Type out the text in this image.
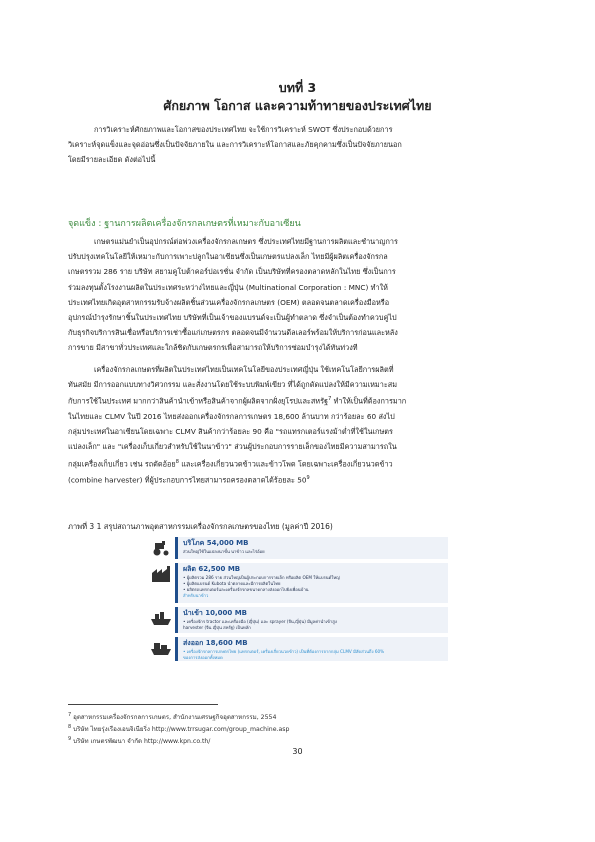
บทที่ 3
ศักยภาพ โอกาส และความท้าทายของประเทศไทย
การวิเคราะห์ศักยภาพและโอกาสของประเทศไทย จะใช้การวิเคราะห์ SWOT ซึ่งประกอบด้วยการ
วิเคราะห์จุดแข็งและจุดอ่อนซึ่งเป็นปัจจัยภายใน และการวิเคราะห์โอกาสและภัยคุกคามซึ่งเป็นปัจจัยภายนอก
โดยมีรายละเอียด ดังต่อไปนี้
จุดแข็ง : ฐานการผลิตเครื่องจักรกลเกษตรที่เหมาะกับอาเซียน
เกษตรแม่นยำเป็นอุปกรณ์ต่อพ่วงเครื่องจักรกลเกษตร ซึ่งประเทศไทยมีฐานการผลิตและชำนาญการ
ปรับปรุงเทคโนโลยีให้เหมาะกับการเพาะปลูกในอาเซียนซึ่งเป็นเกษตรแปลงเล็ก ไทยมีผู้ผลิตเครื่องจักรกล
เกษตรรวม 286 ราย บริษัท สยามคูโบต้าคอร์ปอเรชั่น จำกัด เป็นบริษัทที่ครองตลาดหลักในไทย ซึ่งเป็นการ
ร่วมลงทุนตั้งโรงงานผลิตในประเทศระหว่างไทยและญี่ปุ่น (Multinational Corporation : MNC) ทำให้
ประเทศไทยเกิดอุตสาหกรรมรับจ้างผลิตชิ้นส่วนเครื่องจักรกลเกษตร (OEM) ตลอดจนตลาดเครื่องมือหรือ
อุปกรณ์บำรุงรักษาชิ้นในประเทศไทย บริษัทที่เป็นเจ้าของแบรนด์จะเป็นผู้ทำตลาด ซึ่งจำเป็นต้องทำควบคู่ไป
กับธุรกิจบริการสินเชื่อหรือบริการเช่าซื้อแก่เกษตรกร ตลอดจนมีจำนวนดีลเลอร์พร้อมให้บริการก่อนและหลัง
การขาย มีสาขาทั่วประเทศและใกล้ชิดกับเกษตรกรเพื่อสามารถให้บริการซ่อมบำรุงได้ทันท่วงที
เครื่องจักรกลเกษตรที่ผลิตในประเทศไทยเป็นเทคโนโลยีของประเทศญี่ปุ่น ใช้เทคโนโลยีการผลิตที่
ทันสมัย มีการออกแบบทางวิศวกรรม และสั่งงานโดยใช้ระบบพิมพ์เขียว ที่ได้ถูกดัดแปลงให้มีความเหมาะสม
กับการใช้ในประเทศ มากกว่าสินค้านำเข้าหรือสินค้าจากผู้ผลิตจากฝั่งยุโรปและสหรัฐ$^7$ ทำให้เป็นที่ต้องการมาก
ในไทยและ CLMV ในปี 2016 ไทยส่งออกเครื่องจักรกลการเกษตร 18,600 ล้านบาท กว่าร้อยละ 60 ส่งไป
กลุ่มประเทศในอาเซียนโดยเฉพาะ CLMV สินค้ากว่าร้อยละ 90 คือ "รถแทรกเตอร์แรงม้าต่ำที่ใช้ในเกษตร
แปลงเล็ก" และ "เครื่องเก็บเกี่ยวสำหรับใช้ในนาข้าว" ส่วนผู้ประกอบการรายเล็กของไทยมีความสามารถใน
กลุ่มเครื่องเก็บเกี่ยว เช่น รถตัดอ้อย$^8$ และเครื่องเกี่ยวนวดข้าวและข้าวโพด โดยเฉพาะเครื่องเกี่ยวนวดข้าว
(combine harvester) ที่ผู้ประกอบการไทยสามารถครองตลาดได้ร้อยละ $50^9$
ภาพที่ 3 1 สรุปสถานภาพอุตสาหกรรมเครื่องจักรกลเกษตรของไทย (มูลค่าปี 2016)
บริโภค 54,000 MB
ส่วนใหญ่ใช้ในแปลงนาขั้น นาข้าว และไร่อ้อย
ผลิต 62,500 MB
• ผู้ผลิตรวม 286 ราย ส่วนใหญ่เป็นผู้ประกอบการรายเล็ก หรือผลิต OEM ให้แบรนด์ใหญ่
• ผู้ผลิตแบรนด์ Kubota นำตลาดและมีการผลิตในไทย
• ผลิตรถแทรกเตอร์และเครื่องจักรกลขนาดกลางส่งออกไปยังเพื่อนบ้าน
สำหรับนาข้าว
นำเข้า 10,000 MB
• เครื่องจักร tractor และเครื่องมือ (ญี่ปุ่น) และ sprayer (จีน,ญี่ปุ่น) มีมูลค่านำเข้าสูง
harvester (จีน ญี่ปุ่น สหรัฐ) เป็นหลัก
ส่งออก 18,600 MB
• เครื่องจักรกลการเกษตรไทย (แทรกเตอร์, เครื่องเกี่ยวนวดข้าว) เป็นที่ต้องการจากกลุ่ม CLMV มีสัดส่วนถึง 60%
ของการส่งออกทั้งหมด
$^7$ อุตสาหกรรมเครื่องจักรกลการเกษตร, สำนักงานเศรษฐกิจอุตสาหกรรม, 2554
$^8$ บริษัท ไทยรุ่งเรืองเอนจิเนียริ่ง http://www.trrsugar.com/group_machine.asp
$^9$ บริษัท เกษตรพัฒนา จำกัด http://www.kpn.co.th/
30
